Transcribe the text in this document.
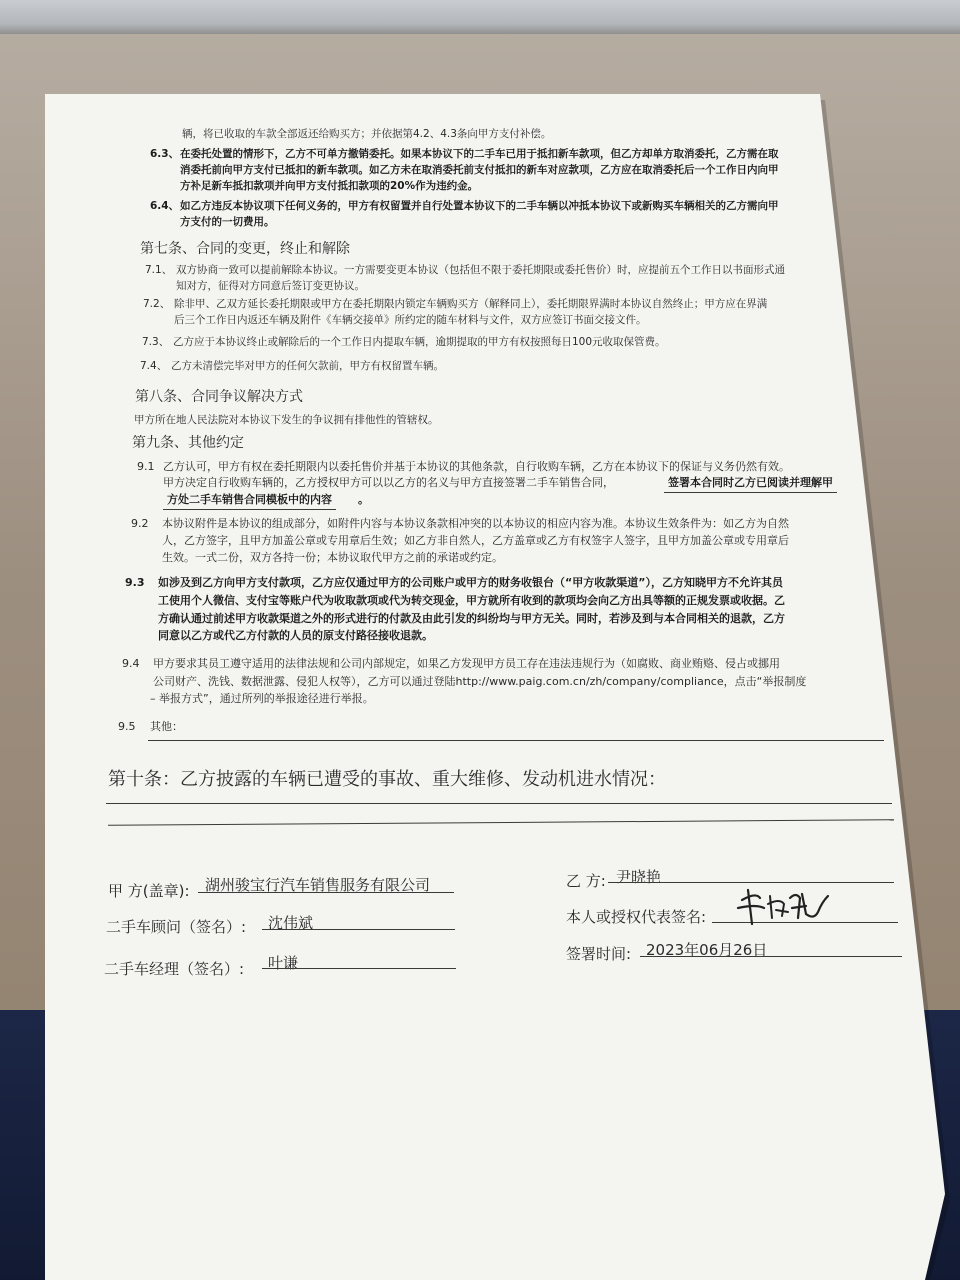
辆，将已收取的车款全部返还给购买方；并依据第4.2、4.3条向甲方支付补偿。
6.3、 在委托处置的情形下，乙方不可单方撤销委托。如果本协议下的二手车已用于抵扣新车款项，但乙方却单方取消委托，乙方需在取
消委托前向甲方支付已抵扣的新车款项。如乙方未在取消委托前支付抵扣的新车对应款项，乙方应在取消委托后一个工作日内向甲
方补足新车抵扣款项并向甲方支付抵扣款项的20%作为违约金。
6.4、 如乙方违反本协议项下任何义务的，甲方有权留置并自行处置本协议下的二手车辆以冲抵本协议下或新购买车辆相关的乙方需向甲
方支付的一切费用。
第七条、合同的变更，终止和解除
7.1、 双方协商一致可以提前解除本协议。一方需要变更本协议（包括但不限于委托期限或委托售价）时，应提前五个工作日以书面形式通
知对方，征得对方同意后签订变更协议。
7.2、 除非甲、乙双方延长委托期限或甲方在委托期限内锁定车辆购买方（解释同上），委托期限界满时本协议自然终止；甲方应在界满
后三个工作日内返还车辆及附件《车辆交接单》所约定的随车材料与文件，双方应签订书面交接文件。
7.3、 乙方应于本协议终止或解除后的一个工作日内提取车辆，逾期提取的甲方有权按照每日100元收取保管费。
7.4、 乙方未清偿完毕对甲方的任何欠款前，甲方有权留置车辆。
第八条、合同争议解决方式
甲方所在地人民法院对本协议下发生的争议拥有排他性的管辖权。
第九条、其他约定
9.1 乙方认可，甲方有权在委托期限内以委托售价并基于本协议的其他条款，自行收购车辆，乙方在本协议下的保证与义务仍然有效。
甲方决定自行收购车辆的，乙方授权甲方可以以乙方的名义与甲方直接签署二手车销售合同，	签署本合同时乙方已阅读并理解甲
方处二手车销售合同模板中的内容	。
9.2 本协议附件是本协议的组成部分，如附件内容与本协议条款相冲突的以本协议的相应内容为准。本协议生效条件为：如乙方为自然
人，乙方签字，且甲方加盖公章或专用章后生效；如乙方非自然人，乙方盖章或乙方有权签字人签字，且甲方加盖公章或专用章后
生效。一式二份，双方各持一份；本协议取代甲方之前的承诺或约定。
9.3 如涉及到乙方向甲方支付款项，乙方应仅通过甲方的公司账户或甲方的财务收银台（“甲方收款渠道”），乙方知晓甲方不允许其员
工使用个人微信、支付宝等账户代为收取款项或代为转交现金，甲方就所有收到的款项均会向乙方出具等额的正规发票或收据。乙
方确认通过前述甲方收款渠道之外的形式进行的付款及由此引发的纠纷均与甲方无关。同时，若涉及到与本合同相关的退款，乙方
同意以乙方或代乙方付款的人员的原支付路径接收退款。
9.4 甲方要求其员工遵守适用的法律法规和公司内部规定，如果乙方发现甲方员工存在违法违规行为（如腐败、商业贿赂、侵占或挪用
公司财产、洗钱、数据泄露、侵犯人权等），乙方可以通过登陆http://www.paig.com.cn/zh/company/compliance，点击“举报制度
– 举报方式”，通过所列的举报途径进行举报。
9.5 其他：
第十条：乙方披露的车辆已遭受的事故、重大维修、发动机进水情况：
甲 方(盖章): 湖州骏宝行汽车销售服务有限公司
二手车顾问（签名）: 沈伟斌
二手车经理（签名）: 叶谦
乙 方: 尹晓艳
本人或授权代表签名:
签署时间: 2023年06月26日
